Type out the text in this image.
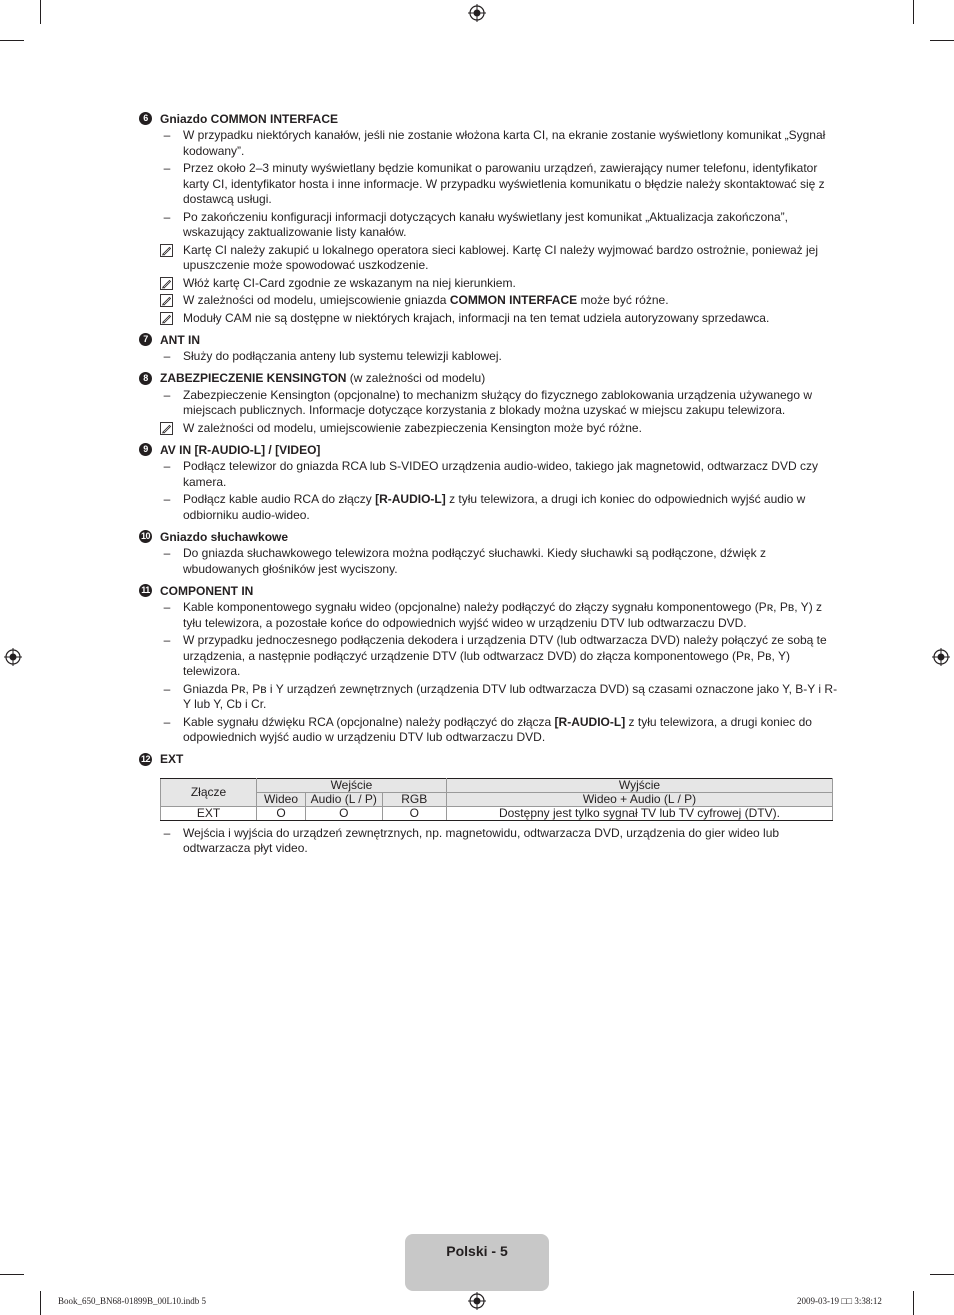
6	Gniazdo COMMON INTERFACE
–	W przypadku niektórych kanałów, jeśli nie zostanie włożona karta CI, na ekranie zostanie wyświetlony komunikat „Sygnał kodowany”.
–	Przez około 2–3 minuty wyświetlany będzie komunikat o parowaniu urządzeń, zawierający numer telefonu, identyfikator karty CI, identyfikator hosta i inne informacje. W przypadku wyświetlenia komunikatu o błędzie należy skontaktować się z dostawcą usługi.
–	Po zakończeniu konfiguracji informacji dotyczących kanału wyświetlany jest komunikat „Aktualizacja zakończona”, wskazujący zaktualizowanie listy kanałów.
Kartę CI należy zakupić u lokalnego operatora sieci kablowej. Kartę CI należy wyjmować bardzo ostrożnie, ponieważ jej upuszczenie może spowodować uszkodzenie.
Włóż kartę CI-Card zgodnie ze wskazanym na niej kierunkiem.
W zależności od modelu, umiejscowienie gniazda COMMON INTERFACE może być różne.
Moduły CAM nie są dostępne w niektórych krajach, informacji na ten temat udziela autoryzowany sprzedawca.
7	ANT IN
–	Służy do podłączania anteny lub systemu telewizji kablowej.
8	ZABEZPIECZENIE KENSINGTON (w zależności od modelu)
–	Zabezpieczenie Kensington (opcjonalne) to mechanizm służący do fizycznego zablokowania urządzenia używanego w miejscach publicznych. Informacje dotyczące korzystania z blokady można uzyskać w miejscu zakupu telewizora.
W zależności od modelu, umiejscowienie zabezpieczenia Kensington może być różne.
9	AV IN [R-AUDIO-L] / [VIDEO]
–	Podłącz telewizor do gniazda RCA lub S-VIDEO urządzenia audio-wideo, takiego jak magnetowid, odtwarzacz DVD czy kamera.
–	Podłącz kable audio RCA do złączy [R-AUDIO-L] z tyłu telewizora, a drugi ich koniec do odpowiednich wyjść audio w odbiorniku audio-wideo.
10 Gniazdo słuchawkowe
–	Do gniazda słuchawkowego telewizora można podłączyć słuchawki. Kiedy słuchawki są podłączone, dźwięk z wbudowanych głośników jest wyciszony.
11 COMPONENT IN
–	Kable komponentowego sygnału wideo (opcjonalne) należy podłączyć do złączy sygnału komponentowego (Pʀ, Pʙ, Y) z tyłu telewizora, a pozostałe końce do odpowiednich wyjść wideo w urządzeniu DTV lub odtwarzaczu DVD.
–	W przypadku jednoczesnego podłączenia dekodera i urządzenia DTV (lub odtwarzacza DVD) należy połączyć ze sobą te urządzenia, a następnie podłączyć urządzenie DTV (lub odtwarzacz DVD) do złącza komponentowego (Pʀ, Pʙ, Y) telewizora.
–	Gniazda Pʀ, Pʙ i Y urządzeń zewnętrznych (urządzenia DTV lub odtwarzacza DVD) są czasami oznaczone jako Y, B-Y i R-Y lub Y, Cb i Cr.
–	Kable sygnału dźwięku RCA (opcjonalne) należy podłączyć do złącza [R-AUDIO-L] z tyłu telewizora, a drugi koniec do odpowiednich wyjść audio w urządzeniu DTV lub odtwarzaczu DVD.
12 EXT
Złącze	Wejście			Wyjście
	Wideo	Audio (L / P)	RGB	Wideo + Audio (L / P)
EXT	O	O	O	Dostępny jest tylko sygnał TV lub TV cyfrowej (DTV).
–	Wejścia i wyjścia do urządzeń zewnętrznych, np. magnetowidu, odtwarzacza DVD, urządzenia do gier wideo lub odtwarzacza płyt video.
Polski - 5
Book_650_BN68-01899B_00L10.indb 5	2009-03-19 □□ 3:38:12
